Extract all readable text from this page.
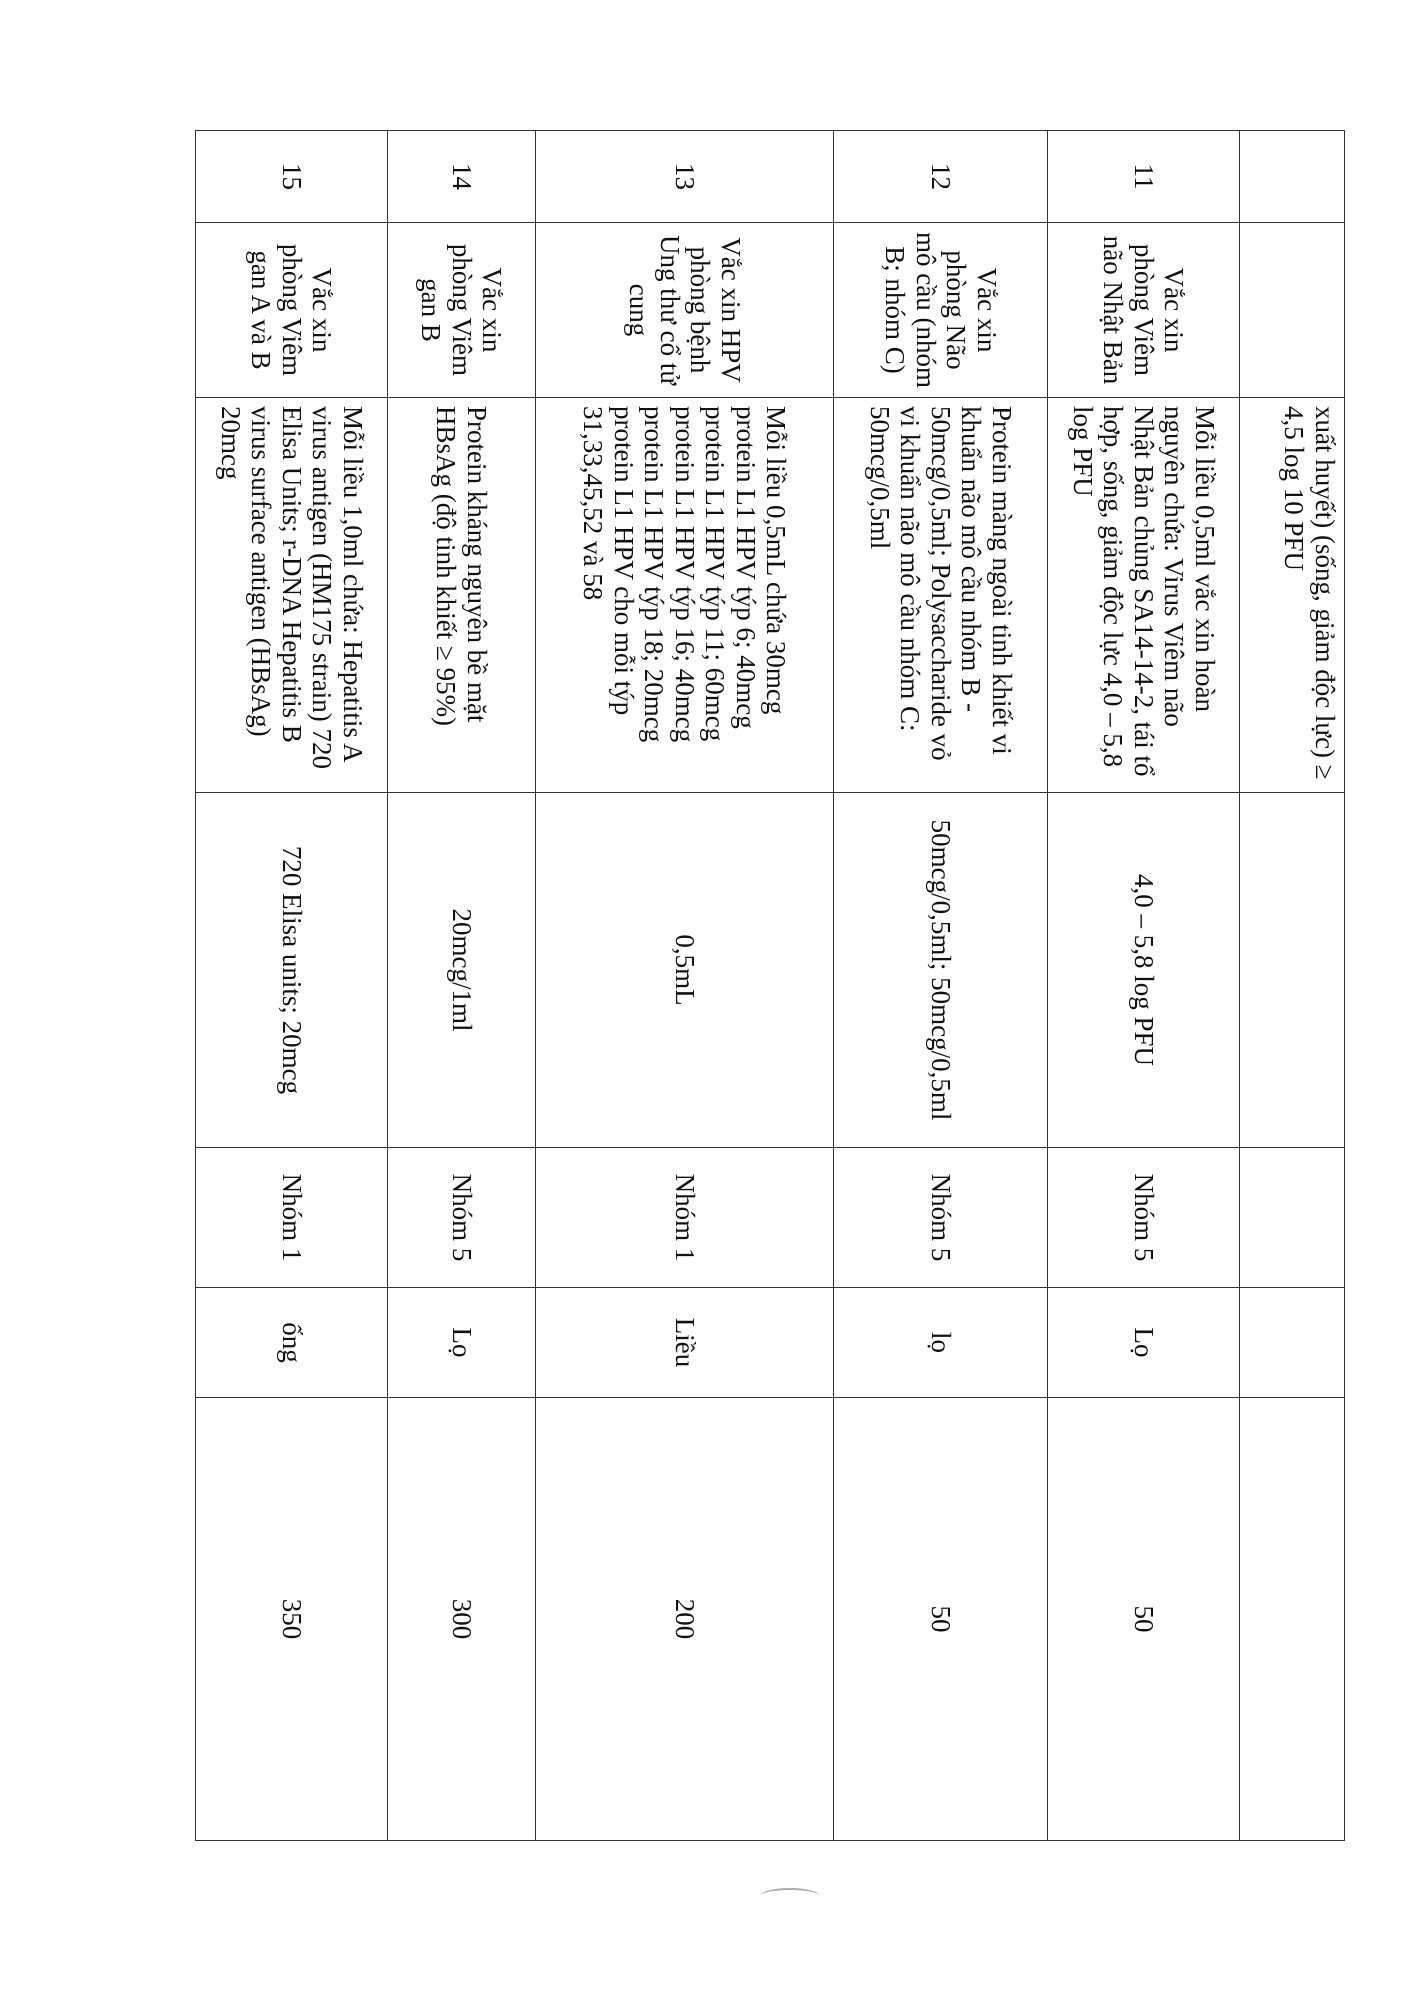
		xuất huyết) (sống, giảm độc lực) ≥ 4,5 log 10 PFU				
11	Vắc xin phòng Viêm não Nhật Bản	Mỗi liều 0,5ml vắc xin hoàn nguyên chứa: Virus Viêm não Nhật Bản chủng SA14-14-2, tái tổ hợp, sống, giảm độc lực 4,0 – 5,8 log PFU	4,0 – 5,8 log PFU	Nhóm 5	Lọ	50
12	Vắc xin phòng Não mô cầu (nhóm B; nhóm C)	Protein màng ngoài tinh khiết vi khuẩn não mô cầu nhóm B - 50mcg/0,5ml; Polysaccharide vỏ vi khuẩn não mô cầu nhóm C: 50mcg/0,5ml	50mcg/0,5ml; 50mcg/0,5ml	Nhóm 5	lọ	50
13	Vắc xin HPV phòng bệnh Ung thư cổ tử cung	Mỗi liều 0,5mL chứa 30mcg protein L1 HPV týp 6; 40mcg protein L1 HPV týp 11; 60mcg protein L1 HPV týp 16; 40mcg protein L1 HPV týp 18; 20mcg protein L1 HPV cho mỗi týp 31,33,45,52 và 58	0,5mL	Nhóm 1	Liều	200
14	Vắc xin phòng Viêm gan B	Protein kháng nguyên bề mặt HBsAg (độ tinh khiết ≥ 95%)	20mcg/1ml	Nhóm 5	Lọ	300
15	Vắc xin phòng Viêm gan A và B	Mỗi liều 1,0ml chứa: Hepatitis A virus antigen (HM175 strain) 720 Elisa Units; r-DNA Hepatitis B virus surface antigen (HBsAg) 20mcg	720 Elisa units; 20mcg	Nhóm 1	ống	350
